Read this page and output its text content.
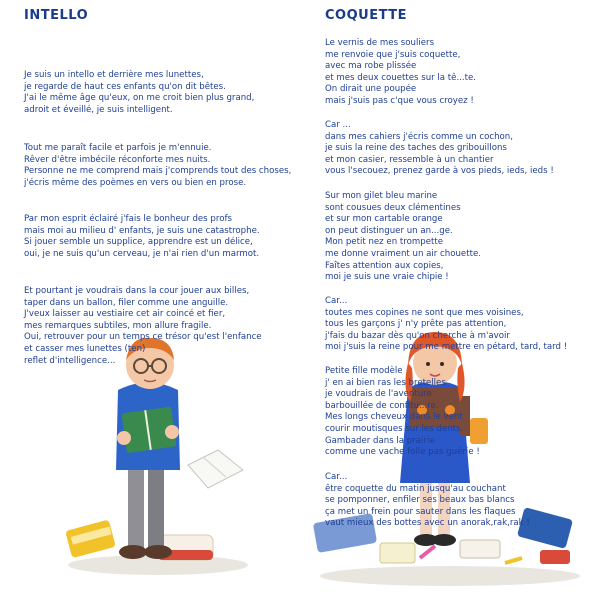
INTELLO
Je suis un intello et derrière mes lunettes,
je regarde de haut ces enfants qu'on dit bêtes.
J'ai le même âge qu'eux, on me croit bien plus grand,
adroit et éveillé, je suis intelligent.
Tout me paraît facile et parfois je m'ennuie.
Rêver d'être imbécile réconforte mes nuits.
Personne ne me comprend mais j'comprends tout des choses,
j'écris même des poèmes en vers ou bien en prose.
Par mon esprit éclairé j'fais le bonheur des profs
mais moi au milieu d' enfants, je suis une catastrophe.
Si jouer semble un supplice, apprendre est un délice,
oui, je ne suis qu'un cerveau, je n'ai rien d'un marmot.
Et pourtant je voudrais dans la cour jouer aux billes,
taper dans un ballon, filer comme une anguille.
J'veux laisser au vestiaire cet air coincé et fier,
mes remarques subtiles, mon allure fragile.
Oui, retrouver pour un temps ce trésor qu'est l'enfance
et casser mes lunettes (ten)
reflet d'intelligence...
COQUETTE
Le vernis de mes souliers
me renvoie que j'suis coquette,
avec ma robe plissée
et mes deux couettes sur la tê...te.
On dirait une poupée
mais j'suis pas c'que vous croyez !
Car ...
dans mes cahiers j'écris comme un cochon,
je suis la reine des taches des gribouillons
et mon casier, ressemble à un chantier
vous l'secouez, prenez garde à vos pieds, ieds, ieds !
Sur mon gilet bleu marine
sont cousues deux clémentines
et sur mon cartable orange
on peut distinguer un an...ge.
Mon petit nez en trompette
me donne vraiment un air chouette.
Faîtes attention aux copies,
moi je suis une vraie chipie !
Car...
toutes mes copines ne sont que mes voisines,
tous les garçons j' n'y prête pas attention,
j'fais du bazar dès qu'on cherche à m'avoir
moi j'suis la reine pour me mettre en pétard, tard, tard !
Petite fille modèle
j' en ai bien ras les bretelles
je voudrais de l'aventure
barbouillée de confitu...re.
Mes longs cheveux dans le vent
courir moutisques sur les dents.
Gambader dans la prairie
comme une vache folle pas guérie !
Car...
être coquette du matin jusqu'au couchant
se pomponner, enfiler ses beaux bas blancs
ça met un frein pour sauter dans les flaques
vaut mieux des bottes avec un anorak,rak,rak !
